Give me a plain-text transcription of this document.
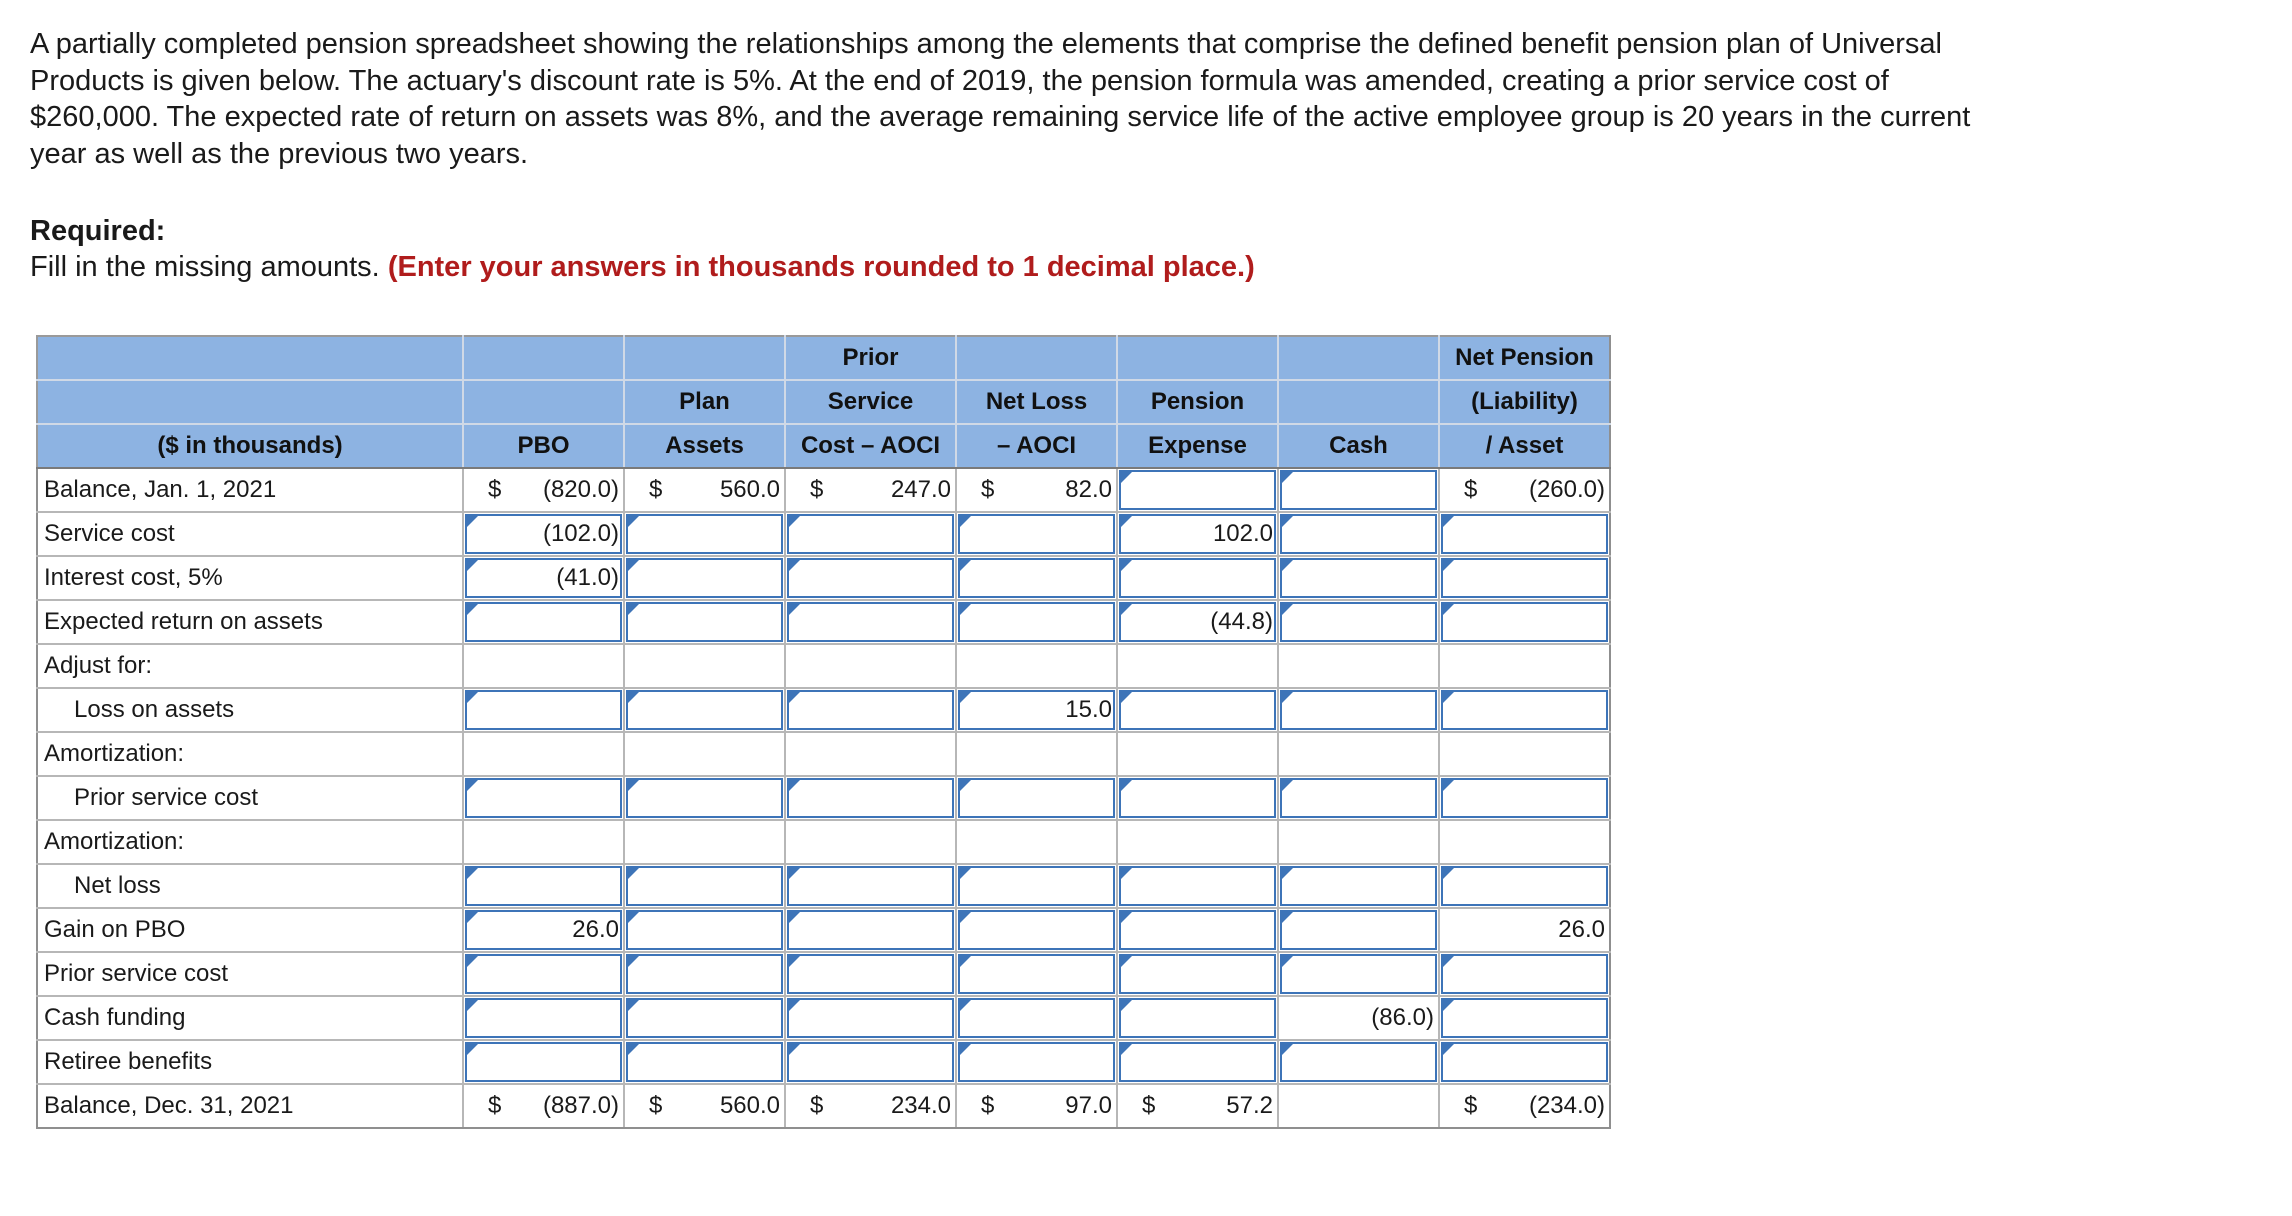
A partially completed pension spreadsheet showing the relationships among the elements that comprise the defined benefit pension plan of Universal Products is given below. The actuary's discount rate is 5%. At the end of 2019, the pension formula was amended, creating a prior service cost of $260,000. The expected rate of return on assets was 8%, and the average remaining service life of the active employee group is 20 years in the current year as well as the previous two years.
Required:
Fill in the missing amounts. (Enter your answers in thousands rounded to 1 decimal place.)
			Prior				Net Pension
		Plan	Service	Net Loss	Pension		(Liability)
($ in thousands)	PBO	Assets	Cost – AOCI	– AOCI	Expense	Cash	/ Asset
Balance, Jan. 1, 2021	$ (820.0)	$ 560.0	$ 247.0	$ 82.0			$ (260.0)
Service cost	(102.0)				102.0	

Interest cost, 5%	(41.0)	

Expected return on assets					(44.8)	

Adjust for:							
Loss on assets				15.0	

Amortization:							
Prior service cost	

Amortization:							
Net loss	

Gain on PBO	26.0						26.0
Prior service cost	

Cash funding						(86.0)	

Retiree benefits	

Balance, Dec. 31, 2021	$ (887.0)	$ 560.0	$ 234.0	$ 97.0	$ 57.2		$ (234.0)
